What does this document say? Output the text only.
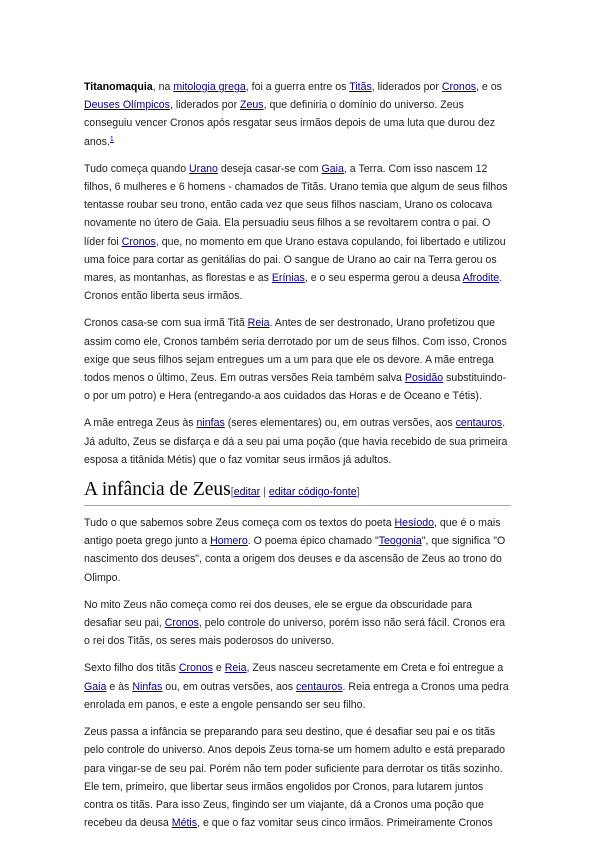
Titanomaquia, na mitologia grega, foi a guerra entre os Titãs, liderados por Cronos, e os Deuses Olímpicos, liderados por Zeus, que definiria o domínio do universo. Zeus conseguiu vencer Cronos após resgatar seus irmãos depois de uma luta que durou dez anos.$^1$

Tudo começa quando Urano deseja casar-se com Gaia, a Terra. Com isso nascem 12 filhos, 6 mulheres e 6 homens - chamados de Titãs. Urano temia que algum de seus filhos tentasse roubar seu trono, então cada vez que seus filhos nasciam, Urano os colocava novamente no útero de Gaia. Ela persuadiu seus filhos a se revoltarem contra o pai. O líder foi Cronos, que, no momento em que Urano estava copulando, foi libertado e utilizou uma foice para cortar as genitálias do pai. O sangue de Urano ao cair na Terra gerou os mares, as montanhas, as florestas e as Erínias, e o seu esperma gerou a deusa Afrodite. Cronos então liberta seus irmãos.

Cronos casa-se com sua irmã Titã Reia. Antes de ser destronado, Urano profetizou que assim como ele, Cronos também seria derrotado por um de seus filhos. Com isso, Cronos exige que seus filhos sejam entregues um a um para que ele os devore. A mãe entrega todos menos o último, Zeus. Em outras versões Reia também salva Posidão substituindo-o por um potro) e Hera (entregando-a aos cuidados das Horas e de Oceano e Tétis).

A mãe entrega Zeus às ninfas (seres elementares) ou, em outras versões, aos centauros. Já adulto, Zeus se disfarça e dá a seu pai uma poção (que havia recebido de sua primeira esposa a titânida Métis) que o faz vomitar seus irmãos já adultos.

A infância de Zeus[editar | editar código-fonte]

Tudo o que sabemos sobre Zeus começa com os textos do poeta Hesíodo, que é o mais antigo poeta grego junto a Homero. O poema épico chamado "Teogonia", que significa "O nascimento dos deuses", conta a origem dos deuses e da ascensão de Zeus ao trono do Olimpo.

No mito Zeus não começa como rei dos deuses, ele se ergue da obscuridade para desafiar seu pai, Cronos, pelo controle do universo, porém isso não será fácil. Cronos era o rei dos Titãs, os seres mais poderosos do universo.

Sexto filho dos titãs Cronos e Reia, Zeus nasceu secretamente em Creta e foi entregue a Gaia e às Ninfas ou, em outras versões, aos centauros. Reia entrega a Cronos uma pedra enrolada em panos, e este a engole pensando ser seu filho.

Zeus passa a infância se preparando para seu destino, que é desafiar seu pai e os titãs pelo controle do universo. Anos depois Zeus torna-se um homem adulto e está preparado para vingar-se de seu pai. Porém não tem poder suficiente para derrotar os titãs sozinho. Ele tem, primeiro, que libertar seus irmãos engolidos por Cronos, para lutarem juntos contra os titãs. Para isso Zeus, fingindo ser um viajante, dá a Cronos uma poção que recebeu da deusa Métis, e que o faz vomitar seus cinco irmãos. Primeiramente Cronos
